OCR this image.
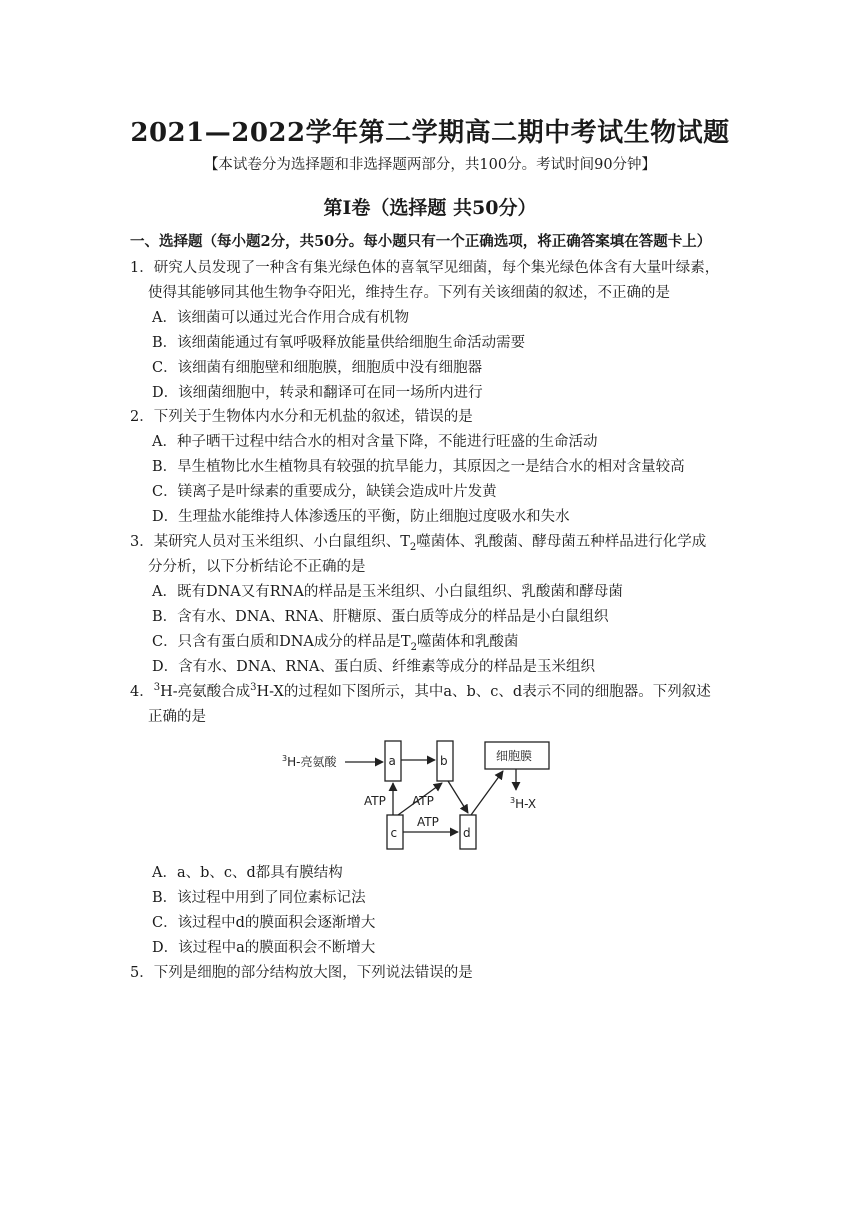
2021—2022学年第二学期高二期中考试生物试题
【本试卷分为选择题和非选择题两部分，共100分。考试时间90分钟】
第Ⅰ卷（选择题 共50分）
一、选择题（每小题2分，共50分。每小题只有一个正确选项，将正确答案填在答题卡上）
1．研究人员发现了一种含有集光绿色体的喜氧罕见细菌，每个集光绿色体含有大量叶绿素，
使得其能够同其他生物争夺阳光，维持生存。下列有关该细菌的叙述，不正确的是
A．该细菌可以通过光合作用合成有机物
B．该细菌能通过有氧呼吸释放能量供给细胞生命活动需要
C．该细菌有细胞壁和细胞膜，细胞质中没有细胞器
D．该细菌细胞中，转录和翻译可在同一场所内进行
2．下列关于生物体内水分和无机盐的叙述，错误的是
A．种子晒干过程中结合水的相对含量下降，不能进行旺盛的生命活动
B．旱生植物比水生植物具有较强的抗旱能力，其原因之一是结合水的相对含量较高
C．镁离子是叶绿素的重要成分，缺镁会造成叶片发黄
D．生理盐水能维持人体渗透压的平衡，防止细胞过度吸水和失水
3．某研究人员对玉米组织、小白鼠组织、$T_2$噬菌体、乳酸菌、酵母菌五种样品进行化学成
分分析，以下分析结论不正确的是
A．既有DNA又有RNA的样品是玉米组织、小白鼠组织、乳酸菌和酵母菌
B．含有水、DNA、RNA、肝糖原、蛋白质等成分的样品是小白鼠组织
C．只含有蛋白质和DNA成分的样品是$T_2$噬菌体和乳酸菌
D．含有水、DNA、RNA、蛋白质、纤维素等成分的样品是玉米组织
4．$^3$H-亮氨酸合成$^3$H-X的过程如下图所示，其中a、b、c、d表示不同的细胞器。下列叙述
正确的是
$^3$H-亮氨酸	a	b	细胞膜
$^3$H-X
c	d
ATP ATP
ATP
A．a、b、c、d都具有膜结构
B．该过程中用到了同位素标记法
C．该过程中d的膜面积会逐渐增大
D．该过程中a的膜面积会不断增大
5．下列是细胞的部分结构放大图，下列说法错误的是
